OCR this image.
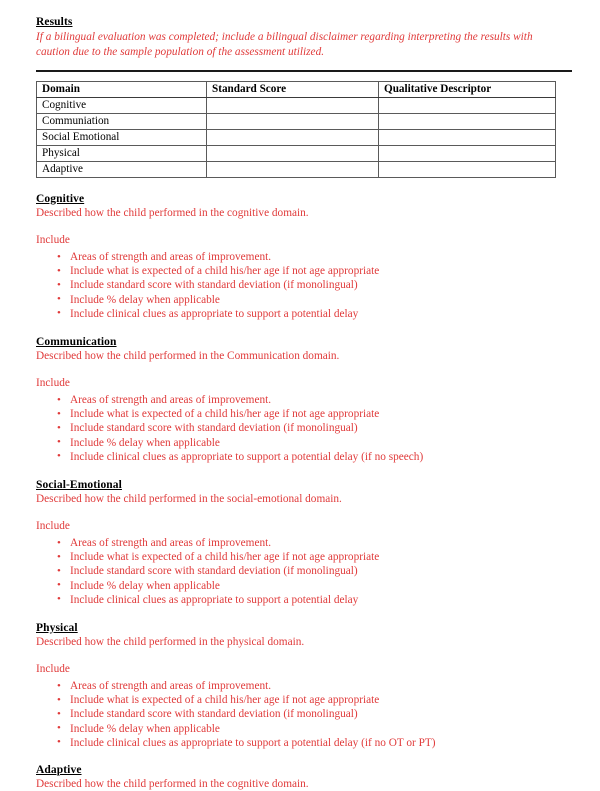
Results

If a bilingual evaluation was completed; include a bilingual disclaimer regarding interpreting the results with caution due to the sample population of the assessment utilized.

Domain	Standard Score	Qualitative Descriptor
Cognitive		
Communiation		
Social Emotional		
Physical		
Adaptive		
Cognitive

Described how the child performed in the cognitive domain.

Include

• Areas of strength and areas of improvement.
• Include what is expected of a child his/her age if not age appropriate
• Include standard score with standard deviation (if monolingual)
• Include % delay when applicable
• Include clinical clues as appropriate to support a potential delay
Communication

Described how the child performed in the Communication domain.

Include

• Areas of strength and areas of improvement.
• Include what is expected of a child his/her age if not age appropriate
• Include standard score with standard deviation (if monolingual)
• Include % delay when applicable
• Include clinical clues as appropriate to support a potential delay (if no speech)
Social-Emotional

Described how the child performed in the social-emotional domain.

Include

• Areas of strength and areas of improvement.
• Include what is expected of a child his/her age if not age appropriate
• Include standard score with standard deviation (if monolingual)
• Include % delay when applicable
• Include clinical clues as appropriate to support a potential delay
Physical

Described how the child performed in the physical domain.

Include

• Areas of strength and areas of improvement.
• Include what is expected of a child his/her age if not age appropriate
• Include standard score with standard deviation (if monolingual)
• Include % delay when applicable
• Include clinical clues as appropriate to support a potential delay (if no OT or PT)
Adaptive

Described how the child performed in the cognitive domain.
